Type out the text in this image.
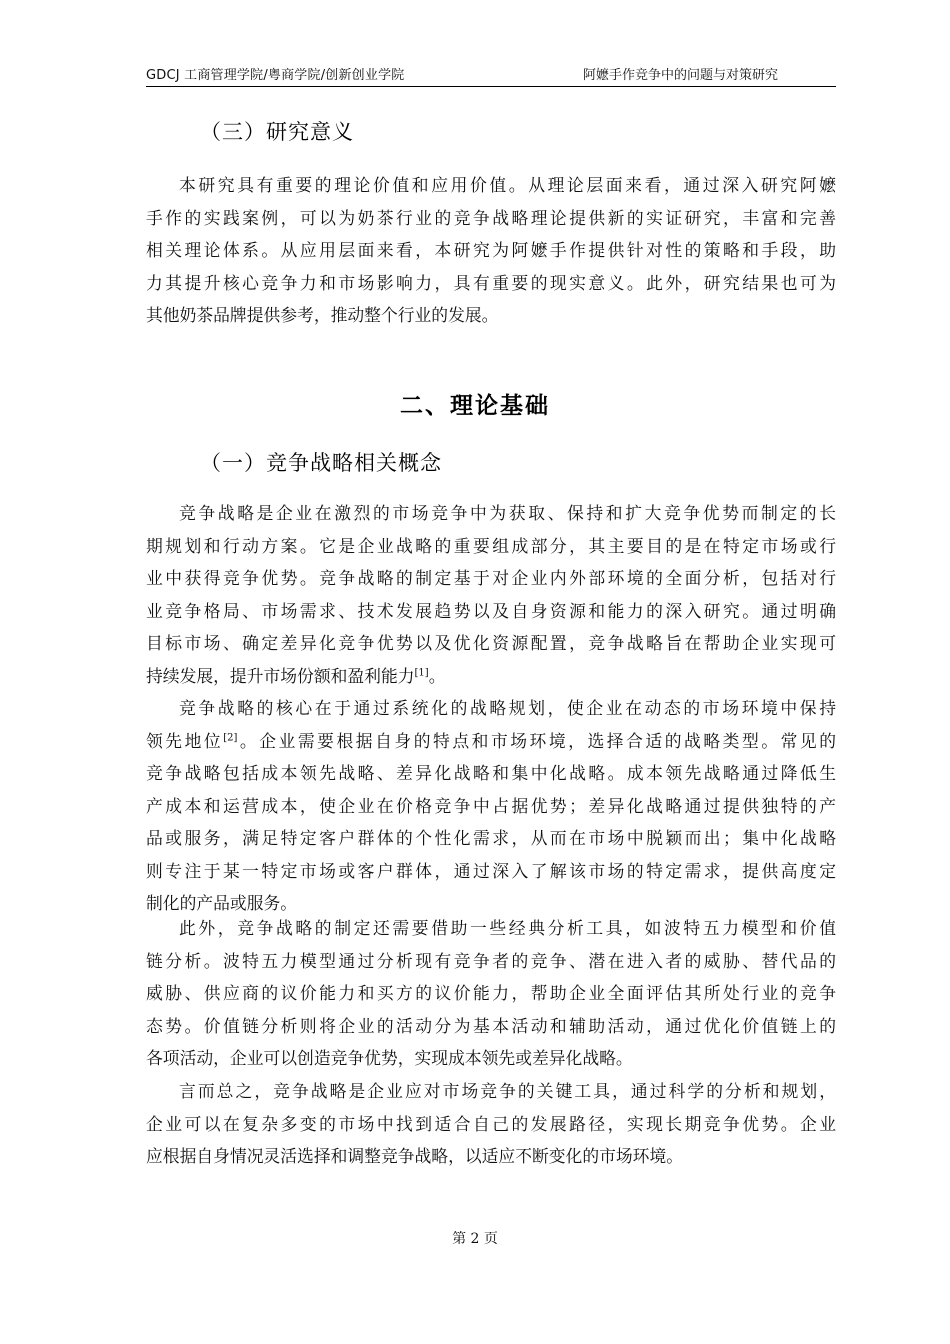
GDCJ 工商管理学院/粤商学院/创新创业学院	阿嬷手作竞争中的问题与对策研究
（三）研究意义
本研究具有重要的理论价值和应用价值。从理论层面来看，通过深入研究阿嬷
手作的实践案例，可以为奶茶行业的竞争战略理论提供新的实证研究，丰富和完善
相关理论体系。从应用层面来看，本研究为阿嬷手作提供针对性的策略和手段，助
力其提升核心竞争力和市场影响力，具有重要的现实意义。此外，研究结果也可为
其他奶茶品牌提供参考，推动整个行业的发展。
二、理论基础
（一）竞争战略相关概念
竞争战略是企业在激烈的市场竞争中为获取、保持和扩大竞争优势而制定的长
期规划和行动方案。它是企业战略的重要组成部分，其主要目的是在特定市场或行
业中获得竞争优势。竞争战略的制定基于对企业内外部环境的全面分析，包括对行
业竞争格局、市场需求、技术发展趋势以及自身资源和能力的深入研究。通过明确
目标市场、确定差异化竞争优势以及优化资源配置，竞争战略旨在帮助企业实现可
持续发展，提升市场份额和盈利能力[1]。
竞争战略的核心在于通过系统化的战略规划，使企业在动态的市场环境中保持
领先地位[2]。企业需要根据自身的特点和市场环境，选择合适的战略类型。常见的
竞争战略包括成本领先战略、差异化战略和集中化战略。成本领先战略通过降低生
产成本和运营成本，使企业在价格竞争中占据优势；差异化战略通过提供独特的产
品或服务，满足特定客户群体的个性化需求，从而在市场中脱颖而出；集中化战略
则专注于某一特定市场或客户群体，通过深入了解该市场的特定需求，提供高度定
制化的产品或服务。
此外，竞争战略的制定还需要借助一些经典分析工具，如波特五力模型和价值
链分析。波特五力模型通过分析现有竞争者的竞争、潜在进入者的威胁、替代品的
威胁、供应商的议价能力和买方的议价能力，帮助企业全面评估其所处行业的竞争
态势。价值链分析则将企业的活动分为基本活动和辅助活动，通过优化价值链上的
各项活动，企业可以创造竞争优势，实现成本领先或差异化战略。
言而总之，竞争战略是企业应对市场竞争的关键工具，通过科学的分析和规划，
企业可以在复杂多变的市场中找到适合自己的发展路径，实现长期竞争优势。企业
应根据自身情况灵活选择和调整竞争战略，以适应不断变化的市场环境。
第 2 页
